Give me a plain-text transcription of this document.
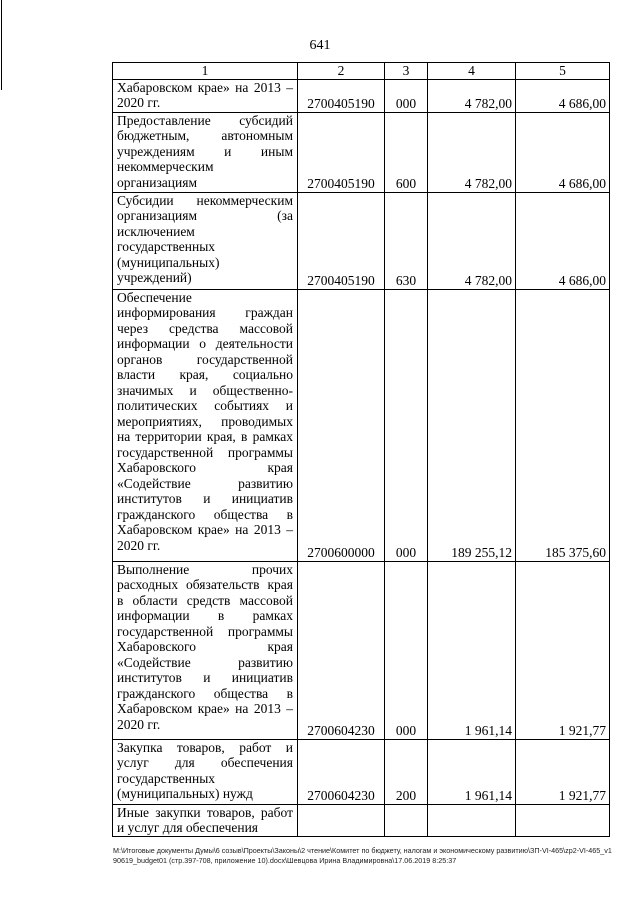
641
1	2	3	4	5
Хабаровском крае» на 2013 – 2020 гг.	2700405190	000	4 782,00	4 686,00
Предоставление субсидий бюджетным, автономным учреждениям и иным некоммерческим организациям	2700405190	600	4 782,00	4 686,00
Субсидии некоммерческим организациям (за исключением государственных (муниципальных) учреждений)	2700405190	630	4 782,00	4 686,00
Обеспечение информирования граждан через средства массовой информации о деятельности органов государственной власти края, социально значимых и общественно-политических событиях и мероприятиях, проводимых на территории края, в рамках государственной программы Хабаровского края «Содействие развитию институтов и инициатив гражданского общества в Хабаровском крае» на 2013 – 2020 гг.	2700600000	000	189 255,12	185 375,60
Выполнение прочих расходных обязательств края в области средств массовой информации в рамках государственной программы Хабаровского края «Содействие развитию институтов и инициатив гражданского общества в Хабаровском крае» на 2013 – 2020 гг.	2700604230	000	1 961,14	1 921,77
Закупка товаров, работ и услуг для обеспечения государственных (муниципальных) нужд	2700604230	200	1 961,14	1 921,77
Иные закупки товаров, работ и услуг для обеспечения				
M:\Итоговые документы Думы\6 созыв\Проекты\Законы\2 чтение\Комитет по бюджету, налогам и экономическому развитию\ЗП-VI-465\zp2-VI-465_v190619_budget01 (стр.397-708, приложение 10).docx\Шевцова Ирина Владимировна\17.06.2019 8:25:37
